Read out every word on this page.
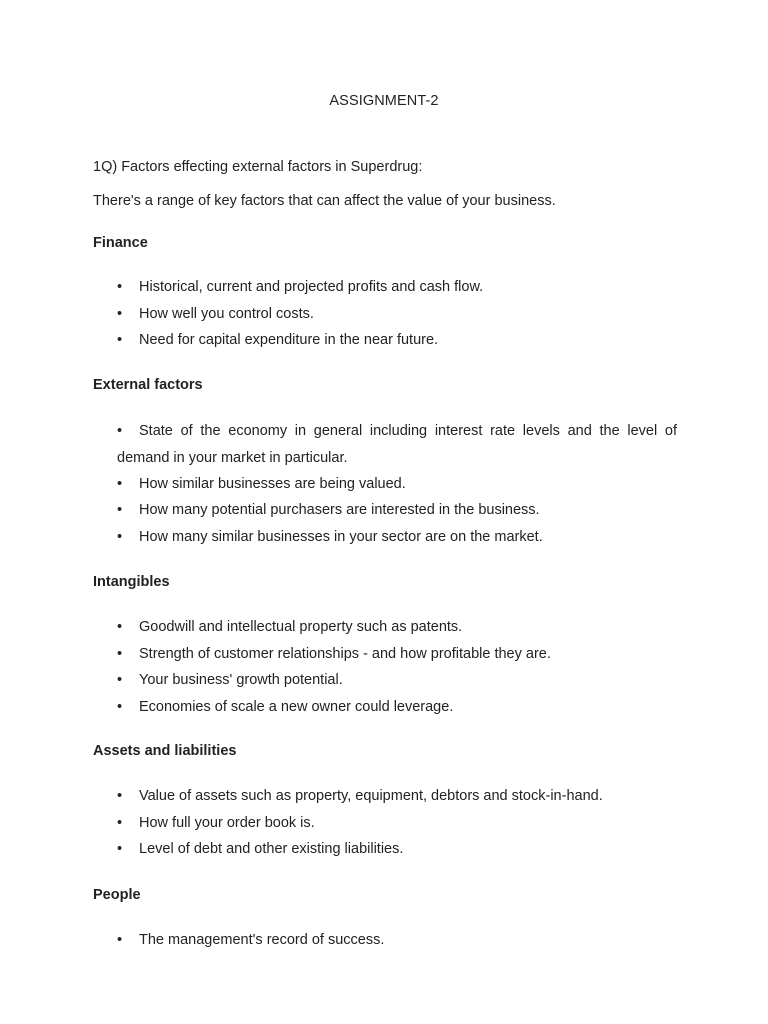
ASSIGNMENT-2
1Q) Factors effecting external factors in Superdrug:
There's a range of key factors that can affect the value of your business.
Finance
• Historical, current and projected profits and cash flow.
• How well you control costs.
• Need for capital expenditure in the near future.
External factors
• State of the economy in general including interest rate levels and the level of demand in your market in particular.
• How similar businesses are being valued.
• How many potential purchasers are interested in the business.
• How many similar businesses in your sector are on the market.
Intangibles
• Goodwill and intellectual property such as patents.
• Strength of customer relationships - and how profitable they are.
• Your business' growth potential.
• Economies of scale a new owner could leverage.
Assets and liabilities
• Value of assets such as property, equipment, debtors and stock-in-hand.
• How full your order book is.
• Level of debt and other existing liabilities.
People
• The management's record of success.
